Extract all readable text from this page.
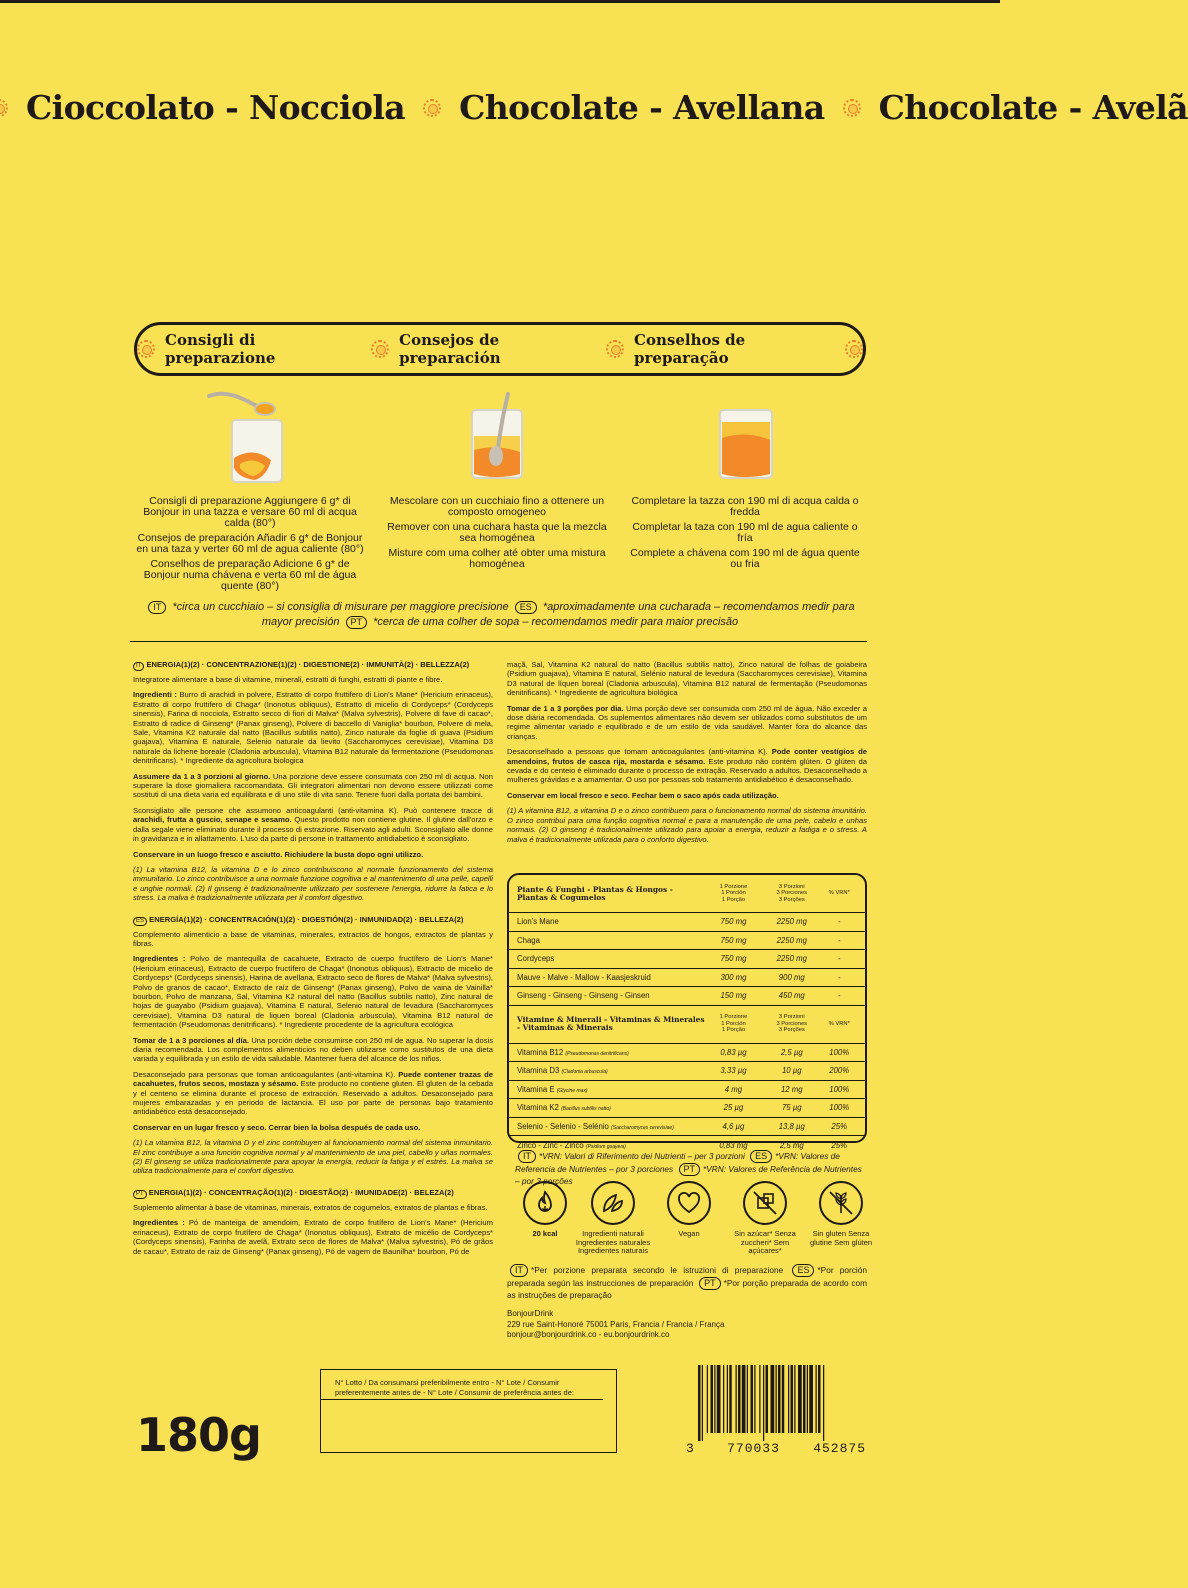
Cioccolato - Nocciola Chocolate - Avellana Chocolate - Avelã
Consigli di preparazione
Consejos de preparación
Conselhos de preparação

Consigli di preparazione Aggiungere 6 g* di Bonjour in una tazza e versare 60 ml di acqua calda (80°)

Consejos de preparación Añadir 6 g* de Bonjour en una taza y verter 60 ml de agua caliente (80°)

Conselhos de preparação Adicione 6 g* de Bonjour numa chávena e verta 60 ml de água quente (80°)

Mescolare con un cucchiaio fino a ottenere un composto omogeneo

Remover con una cuchara hasta que la mezcla sea homogénea

Misture com uma colher até obter uma mistura homogénea

Completare la tazza con 190 ml di acqua calda o fredda

Completar la taza con 190 ml de agua caliente o fría

Complete a chávena com 190 ml de água quente ou fria

IT *circa un cucchiaio – si consiglia di misurare per maggiore precisione ES *aproximadamente una cucharada – recomendamos medir para mayor precisión PT *cerca de uma colher de sopa – recomendamos medir para maior precisão

IT ENERGIA(1)(2) · CONCENTRAZIONE(1)(2) · DIGESTIONE(2) · IMMUNITÀ(2) · BELLEZZA(2)

Integratore alimentare a base di vitamine, minerali, estratti di funghi, estratti di piante e fibre.

Ingredienti : Burro di arachidi in polvere, Estratto di corpo fruttifero di Lion's Mane* (Hericium erinaceus), Estratto di corpo fruttifero di Chaga* (Inonotus obliquus), Estratto di micelio di Cordyceps* (Cordyceps sinensis), Farina di nocciola, Estratto secco di fiori di Malva* (Malva sylvestris), Polvere di fave di cacao*, Estratto di radice di Ginseng* (Panax ginseng), Polvere di baccello di Vaniglia* bourbon, Polvere di mela, Sale, Vitamina K2 naturale dal natto (Bacillus subtilis natto), Zinco naturale da foglie di guava (Psidium guajava), Vitamina E naturale, Selenio naturale da lievito (Saccharomyces cerevisiae), Vitamina D3 naturale da lichene boreale (Cladonia arbuscula), Vitamina B12 naturale da fermentazione (Pseudomonas denitrificans). * Ingrediente da agricoltura biologica

Assumere da 1 a 3 porzioni al giorno. Una porzione deve essere consumata con 250 ml di acqua. Non superare la dose giornaliera raccomandata. Gli integratori alimentari non devono essere utilizzati come sostituti di una dieta varia ed equilibrata e di uno stile di vita sano. Tenere fuori dalla portata dei bambini.

Sconsigliato alle persone che assumono anticoagulanti (anti-vitamina K). Può contenere tracce di arachidi, frutta a guscio, senape e sesamo. Questo prodotto non contiene glutine. Il glutine dall'orzo e dalla segale viene eliminato durante il processo di estrazione. Riservato agli adulti. Sconsigliato alle donne in gravidanza e in allattamento. L'uso da parte di persone in trattamento antidiabetico è sconsigliato.

Conservare in un luogo fresco e asciutto. Richiudere la busta dopo ogni utilizzo.

(1) La vitamina B12, la vitamina D e lo zinco contribuiscono al normale funzionamento del sistema immunitario. Lo zinco contribuisce a una normale funzione cognitiva e al mantenimento di una pelle, capelli e unghie normali. (2) Il ginseng è tradizionalmente utilizzato per sostenere l'energia, ridurre la fatica e lo stress. La malva è tradizionalmente utilizzata per il comfort digestivo.

ES ENERGÍA(1)(2) · CONCENTRACIÓN(1)(2) · DIGESTIÓN(2) · INMUNIDAD(2) · BELLEZA(2)

Complemento alimenticio a base de vitaminas, minerales, extractos de hongos, extractos de plantas y fibras.

Ingredientes : Polvo de mantequilla de cacahuete, Extracto de cuerpo fructífero de Lion's Mane* (Hericium erinaceus), Extracto de cuerpo fructífero de Chaga* (Inonotus obliquus), Extracto de micelio de Cordyceps* (Cordyceps sinensis), Harina de avellana, Extracto seco de flores de Malva* (Malva sylvestris), Polvo de granos de cacao*, Extracto de raíz de Ginseng* (Panax ginseng), Polvo de vaina de Vainilla* bourbon, Polvo de manzana, Sal, Vitamina K2 natural del natto (Bacillus subtilis natto), Zinc natural de hojas de guayabo (Psidium guajava), Vitamina E natural, Selenio natural de levadura (Saccharomyces cerevisiae), Vitamina D3 natural de liquen boreal (Cladonia arbuscula), Vitamina B12 natural de fermentación (Pseudomonas denitrificans). * Ingrediente procedente de la agricultura ecológica

Tomar de 1 a 3 porciones al día. Una porción debe consumirse con 250 ml de agua. No superar la dosis diaria recomendada. Los complementos alimenticios no deben utilizarse como sustitutos de una dieta variada y equilibrada y un estilo de vida saludable. Mantener fuera del alcance de los niños.

Desaconsejado para personas que toman anticoagulantes (anti-vitamina K). Puede contener trazas de cacahuetes, frutos secos, mostaza y sésamo. Este producto no contiene gluten. El gluten de la cebada y el centeno se elimina durante el proceso de extracción. Reservado a adultos. Desaconsejado para mujeres embarazadas y en periodo de lactancia. El uso por parte de personas bajo tratamiento antidiabético está desaconsejado.

Conservar en un lugar fresco y seco. Cerrar bien la bolsa después de cada uso.

(1) La vitamina B12, la vitamina D y el zinc contribuyen al funcionamiento normal del sistema inmunitario. El zinc contribuye a una función cognitiva normal y al mantenimiento de una piel, cabello y uñas normales. (2) El ginseng se utiliza tradicionalmente para apoyar la energía, reducir la fatiga y el estrés. La malva se utiliza tradicionalmente para el confort digestivo.

PT ENERGIA(1)(2) · CONCENTRAÇÃO(1)(2) · DIGESTÃO(2) · IMUNIDADE(2) · BELEZA(2)

Suplemento alimentar à base de vitaminas, minerais, extratos de cogumelos, extratos de plantas e fibras.

Ingredientes : Pó de manteiga de amendoim, Extrato de corpo frutífero de Lion's Mane* (Hericium erinaceus), Extrato de corpo frutífero de Chaga* (Inonotus obliquus), Extrato de micélio de Cordyceps* (Cordyceps sinensis), Farinha de avelã, Extrato seco de flores de Malva* (Malva sylvestris), Pó de grãos de cacau*, Extrato de raiz de Ginseng* (Panax ginseng), Pó de vagem de Baunilha* bourbon, Pó de

maçã, Sal, Vitamina K2 natural do natto (Bacillus subtilis natto), Zinco natural de folhas de goiabeira (Psidium guajava), Vitamina E natural, Selénio natural de levedura (Saccharomyces cerevisiae), Vitamina D3 natural de líquen boreal (Cladonia arbuscula), Vitamina B12 natural de fermentação (Pseudomonas denitrificans). * Ingrediente de agricultura biológica

Tomar de 1 a 3 porções por dia. Uma porção deve ser consumida com 250 ml de água. Não exceder a dose diária recomendada. Os suplementos alimentares não devem ser utilizados como substitutos de um regime alimentar variado e equilibrado e de um estilo de vida saudável. Manter fora do alcance das crianças.

Desaconselhado a pessoas que tomam anticoagulantes (anti-vitamina K). Pode conter vestígios de amendoins, frutos de casca rija, mostarda e sésamo. Este produto não contém glúten. O glúten da cevada e do centeio é eliminado durante o processo de extração. Reservado a adultos. Desaconselhado a mulheres grávidas e a amamentar. O uso por pessoas sob tratamento antidiabético é desaconselhado.

Conservar em local fresco e seco. Fechar bem o saco após cada utilização.

(1) A vitamina B12, a vitamina D e o zinco contribuem para o funcionamento normal do sistema imunitário. O zinco contribui para uma função cognitiva normal e para a manutenção de uma pele, cabelo e unhas normais. (2) O ginseng é tradicionalmente utilizado para apoiar a energia, reduzir a fadiga e o stress. A malva é tradicionalmente utilizada para o conforto digestivo.

Piante & Funghi - Plantas & Hongos - Plantas & Cogumelos
1 Porzione
1 Porción
1 Porção
3 Porzioni
3 Porciones
3 Porções
% VRN*
Lion's Mane	750 mg	2250 mg	-
Chaga	750 mg	2250 mg	-
Cordyceps	750 mg	2250 mg	-
Mauve - Malve - Mallow - Kaasjeskruid	300 mg	900 mg	-
Ginseng - Ginseng - Ginseng - Ginsen	150 mg	450 mg	-
Vitamine & Minerali - Vitaminas & Minerales - Vitaminas & Minerais
1 Porzione
1 Porción
1 Porção
3 Porzioni
3 Porciones
3 Porções
% VRN*
Vitamina B12 (Pseudomonas denitrificans)	0,83 µg	2,5 µg	100%
Vitamina D3 (Cladonia arbuscula)	3,33 µg	10 µg	200%
Vitamina E (Glycine max)	4 mg	12 mg	100%
Vitamina K2 (Bacillus subtilis natto)	25 µg	75 µg	100%
Selenio - Selenio - Selénio (Saccharomyces cerevisiae)	4,6 µg	13,8 µg	25%
Zinco - Zinc - Zinco (Psidium guajava)	0,83 mg	2,5 mg	25%
IT *VRN: Valori di Riferimento dei Nutrienti – per 3 porzioni ES *VRN: Valores de Referencia de Nutrientes – por 3 porciones PT *VRN: Valores de Referência de Nutrientes – por 3 porções
20 kcal	Ingredienti naturali Ingredientes naturales Ingredientes naturais
Vegan	Sin azúcar* Senza zuccheri* Sem açúcares*
Sin gluten Senza glutine Sem glúten
IT *Per porzione preparata secondo le istruzioni di preparazione ES *Por porción preparada según las instrucciones de preparación PT *Por porção preparada de acordo com as instruções de preparação
BonjourDrink
229 rue Saint-Honoré 75001 Paris, Francia / Francia / França
bonjour@bonjourdrink.co - eu.bonjourdrink.co
N° Lotto / Da consumarsi preferibilmente entro - N° Lote / Consumir preferentemente antes de - N° Lote / Consumir de preferência antes de:
180g	3	770033	452875
